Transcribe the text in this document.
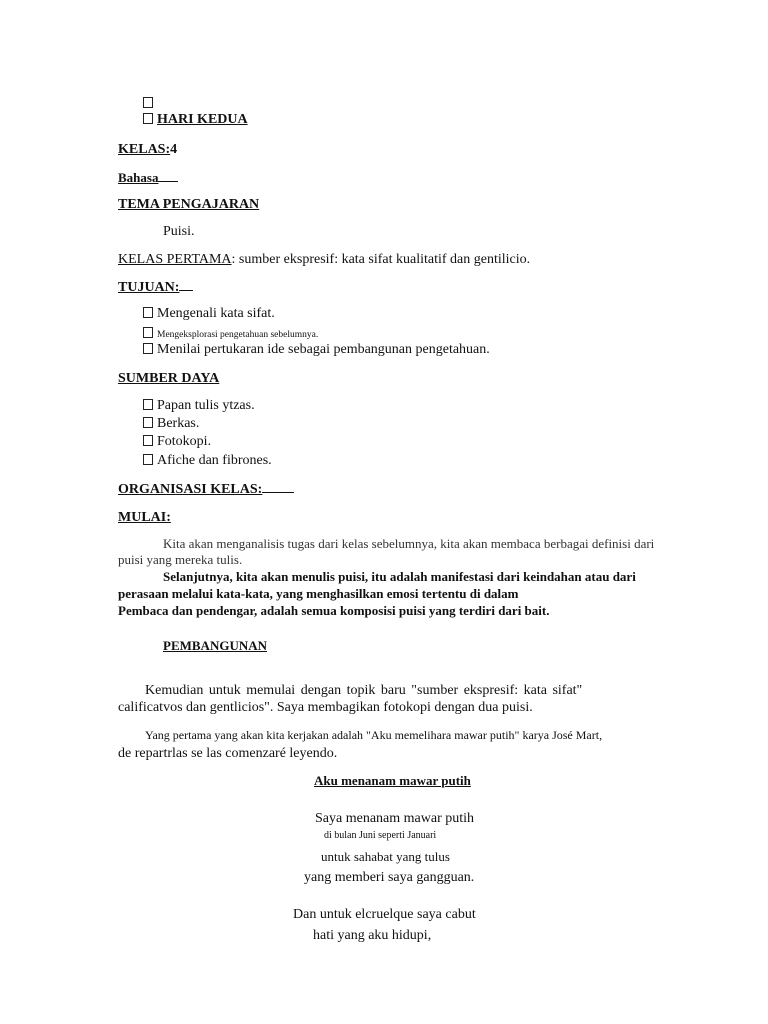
HARI KEDUA
KELAS:4
Bahasa
TEMA PENGAJARAN
Puisi.
KELAS PERTAMA: sumber ekspresif: kata sifat kualitatif dan gentilicio.
TUJUAN:
Mengenali kata sifat.
Mengeksplorasi pengetahuan sebelumnya.
Menilai pertukaran ide sebagai pembangunan pengetahuan.
SUMBER DAYA
Papan tulis ytzas.
Berkas.
Fotokopi.
Afiche dan fibrones.
ORGANISASI KELAS:
MULAI:
Kita akan menganalisis tugas dari kelas sebelumnya, kita akan membaca berbagai definisi dari
puisi yang mereka tulis.
Selanjutnya, kita akan menulis puisi, itu adalah manifestasi dari keindahan atau dari
perasaan melalui kata-kata, yang menghasilkan emosi tertentu di dalam
Pembaca dan pendengar, adalah semua komposisi puisi yang terdiri dari bait.
PEMBANGUNAN
Kemudian untuk memulai dengan topik baru "sumber ekspresif: kata sifat"
calificatvos dan gentlicios". Saya membagikan fotokopi dengan dua puisi.
Yang pertama yang akan kita kerjakan adalah "Aku memelihara mawar putih" karya José Mart,
de repartrlas se las comenzaré leyendo.
Aku menanam mawar putih
Saya menanam mawar putih
di bulan Juni seperti Januari
untuk sahabat yang tulus
yang memberi saya gangguan.
Dan untuk elcruelque saya cabut
hati yang aku hidupi,
